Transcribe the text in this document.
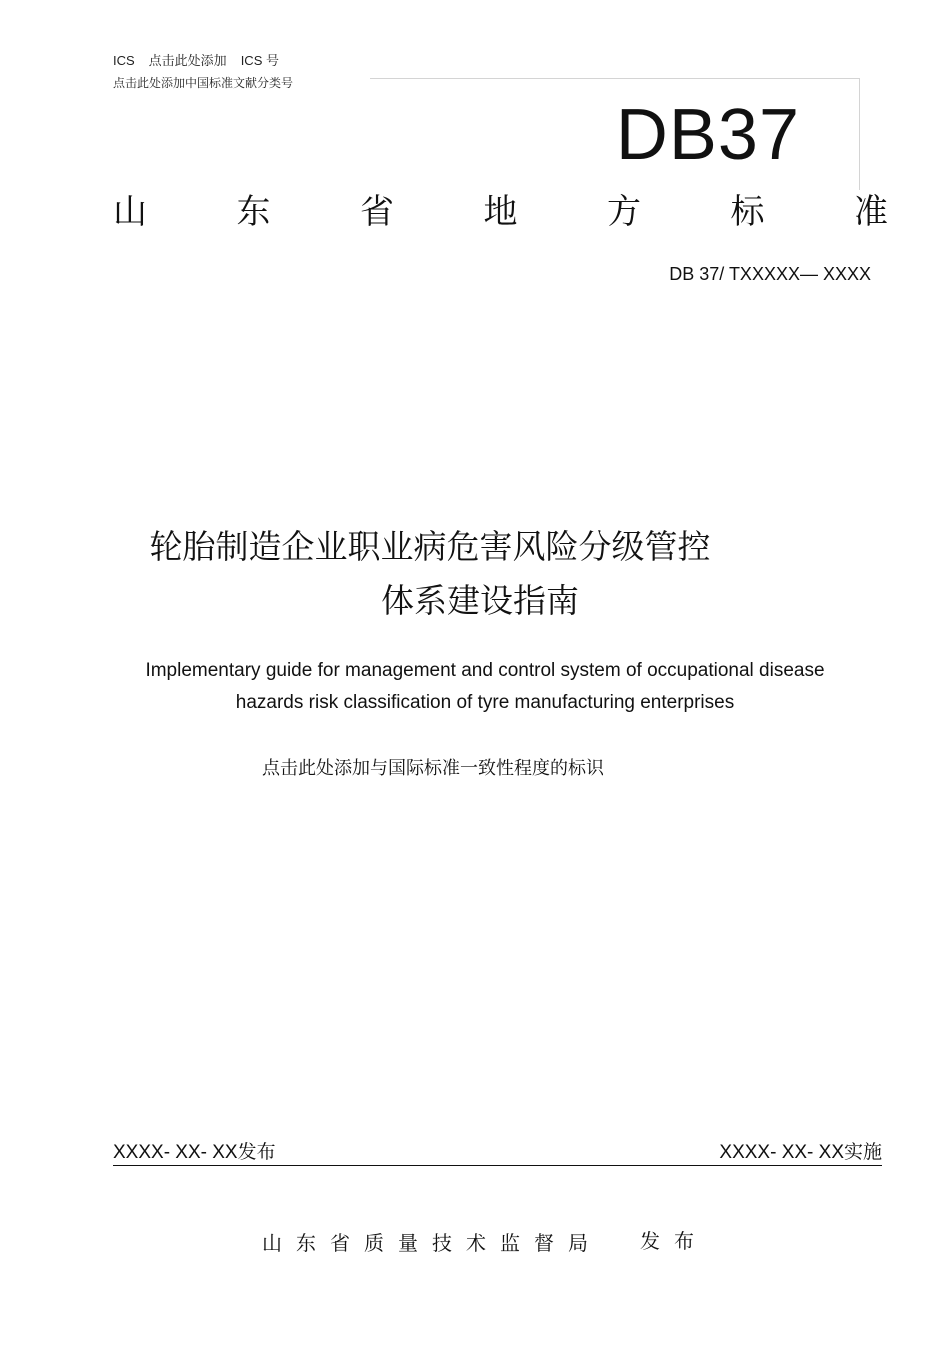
ICS 点击此处添加 ICS 号
点击此处添加中国标准文献分类号
DB37
山	东	省	地	方	标	准
DB 37/ TXXXXX— XXXX
轮胎制造企业职业病危害风险分级管控
体系建设指南
Implementary guide for management and control system of occupational disease
hazards risk classification of tyre manufacturing enterprises
点击此处添加与国际标准一致性程度的标识
XXXX- XX- XX发布	XXXX- XX- XX实施
山东省质量技术监督局 发布
